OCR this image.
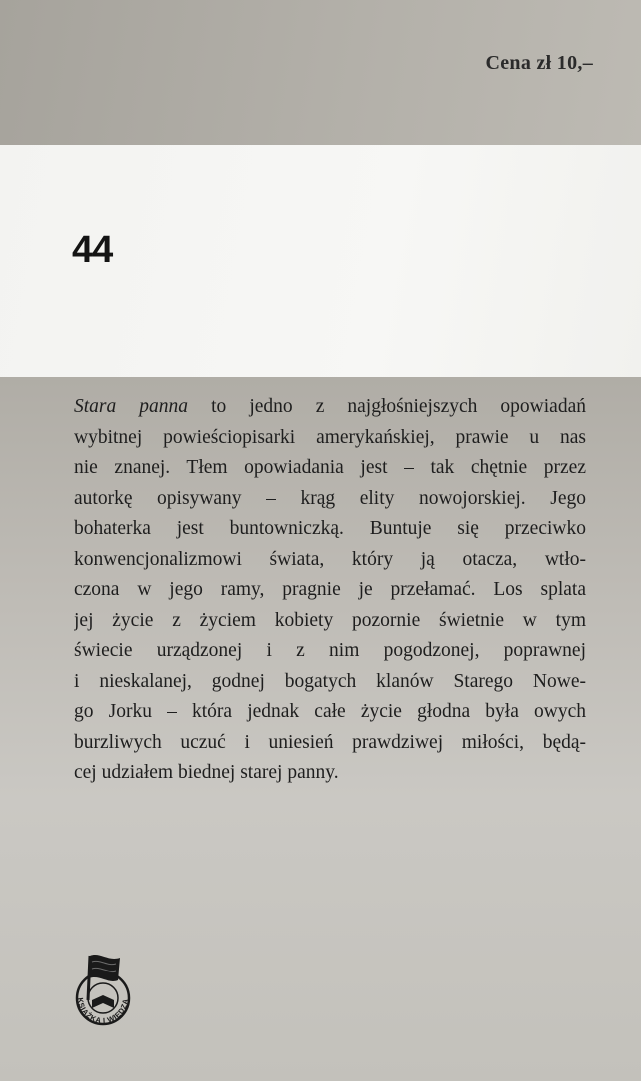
Cena zł 10,–
44
Stara panna to jedno z najgłośniejszych opowiadań
wybitnej powieściopisarki amerykańskiej, prawie u nas
nie znanej. Tłem opowiadania jest – tak chętnie przez
autorkę opisywany – krąg elity nowojorskiej. Jego
bohaterka jest buntowniczką. Buntuje się przeciwko
konwencjonalizmowi świata, który ją otacza, wtło-
czona w jego ramy, pragnie je przełamać. Los splata
jej życie z życiem kobiety pozornie świetnie w tym
świecie urządzonej i z nim pogodzonej, poprawnej
i nieskalanej, godnej bogatych klanów Starego Nowe-
go Jorku – która jednak całe życie głodna była owych
burzliwych uczuć i uniesień prawdziwej miłości, będą-
cej udziałem biednej starej panny.
KSIĄŻKA I WIEDZA
